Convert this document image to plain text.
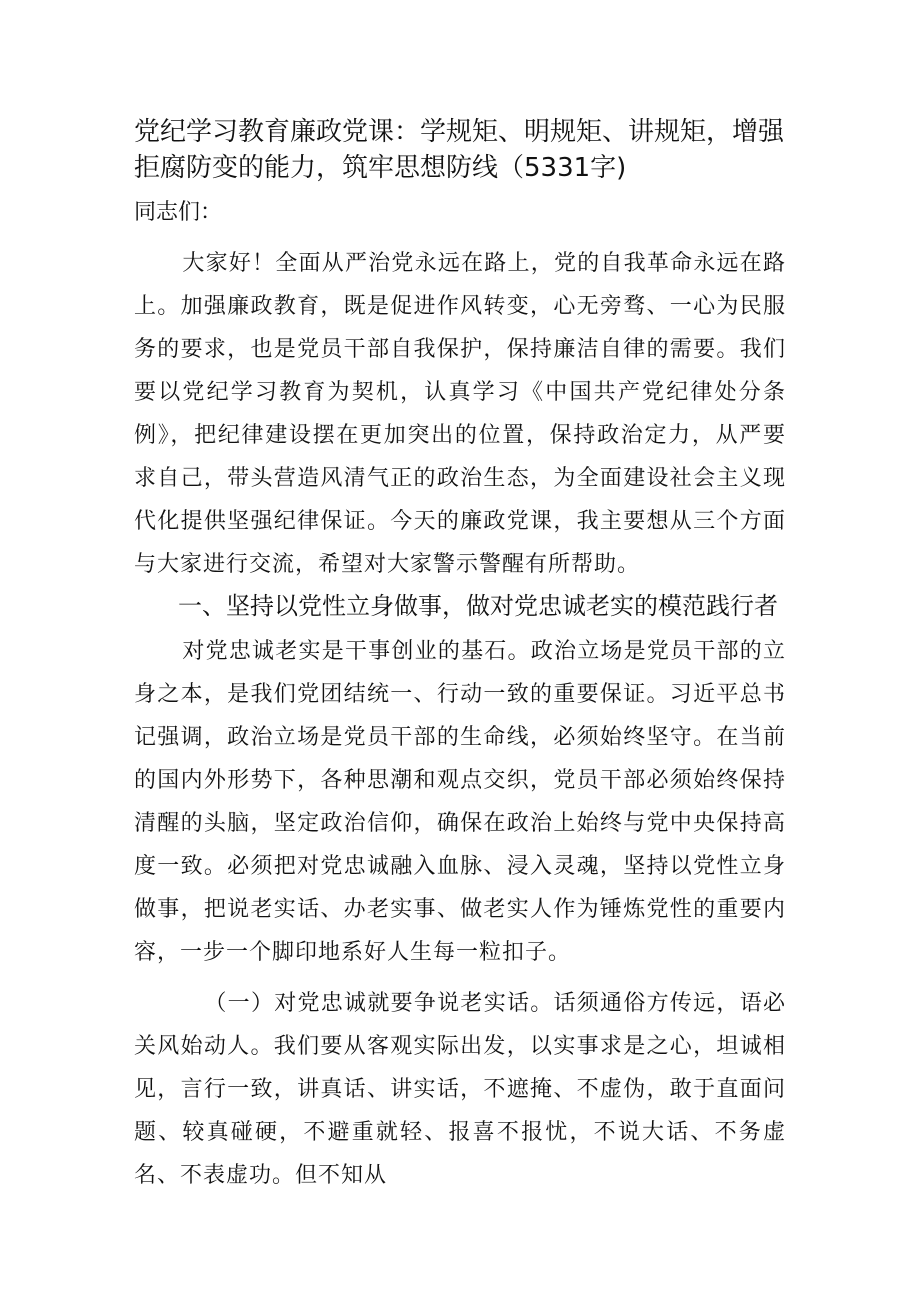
党纪学习教育廉政党课：学规矩、明规矩、讲规矩，增强拒腐防变的能力，筑牢思想防线（5331字)

同志们：

大家好！全面从严治党永远在路上，党的自我革命永远在路上。加强廉政教育，既是促进作风转变，心无旁骛、一心为民服务的要求，也是党员干部自我保护，保持廉洁自律的需要。我们要以党纪学习教育为契机，认真学习《中国共产党纪律处分条例》，把纪律建设摆在更加突出的位置，保持政治定力，从严要求自己，带头营造风清气正的政治生态，为全面建设社会主义现代化提供坚强纪律保证。今天的廉政党课，我主要想从三个方面与大家进行交流，希望对大家警示警醒有所帮助。

一、坚持以党性立身做事，做对党忠诚老实的模范践行者

对党忠诚老实是干事创业的基石。政治立场是党员干部的立身之本，是我们党团结统一、行动一致的重要保证。习近平总书记强调，政治立场是党员干部的生命线，必须始终坚守。在当前的国内外形势下，各种思潮和观点交织，党员干部必须始终保持清醒的头脑，坚定政治信仰，确保在政治上始终与党中央保持高度一致。必须把对党忠诚融入血脉、浸入灵魂，坚持以党性立身做事，把说老实话、办老实事、做老实人作为锤炼党性的重要内容，一步一个脚印地系好人生每一粒扣子。

（一）对党忠诚就要争说老实话。话须通俗方传远，语必关风始动人。我们要从客观实际出发，以实事求是之心，坦诚相见，言行一致，讲真话、讲实话，不遮掩、不虚伪，敢于直面问题、较真碰硬，不避重就轻、报喜不报忧，不说大话、不务虚名、不表虚功。但不知从
